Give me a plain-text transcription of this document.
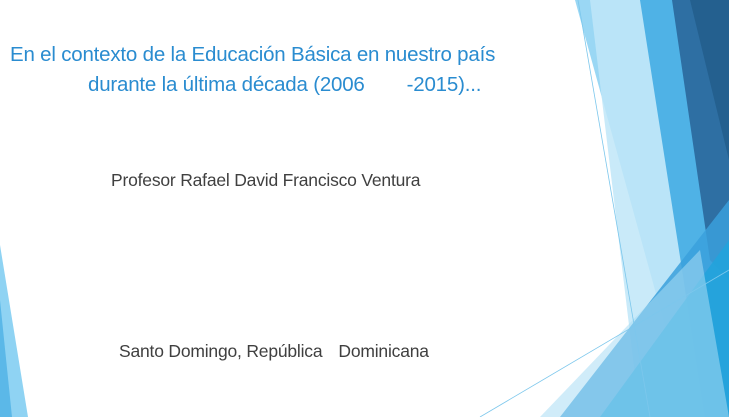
En el contexto de la Educación Básica en nuestro país
durante la última década (2006 -2015)...
Profesor Rafael David Francisco Ventura
Santo Domingo, República Dominicana
